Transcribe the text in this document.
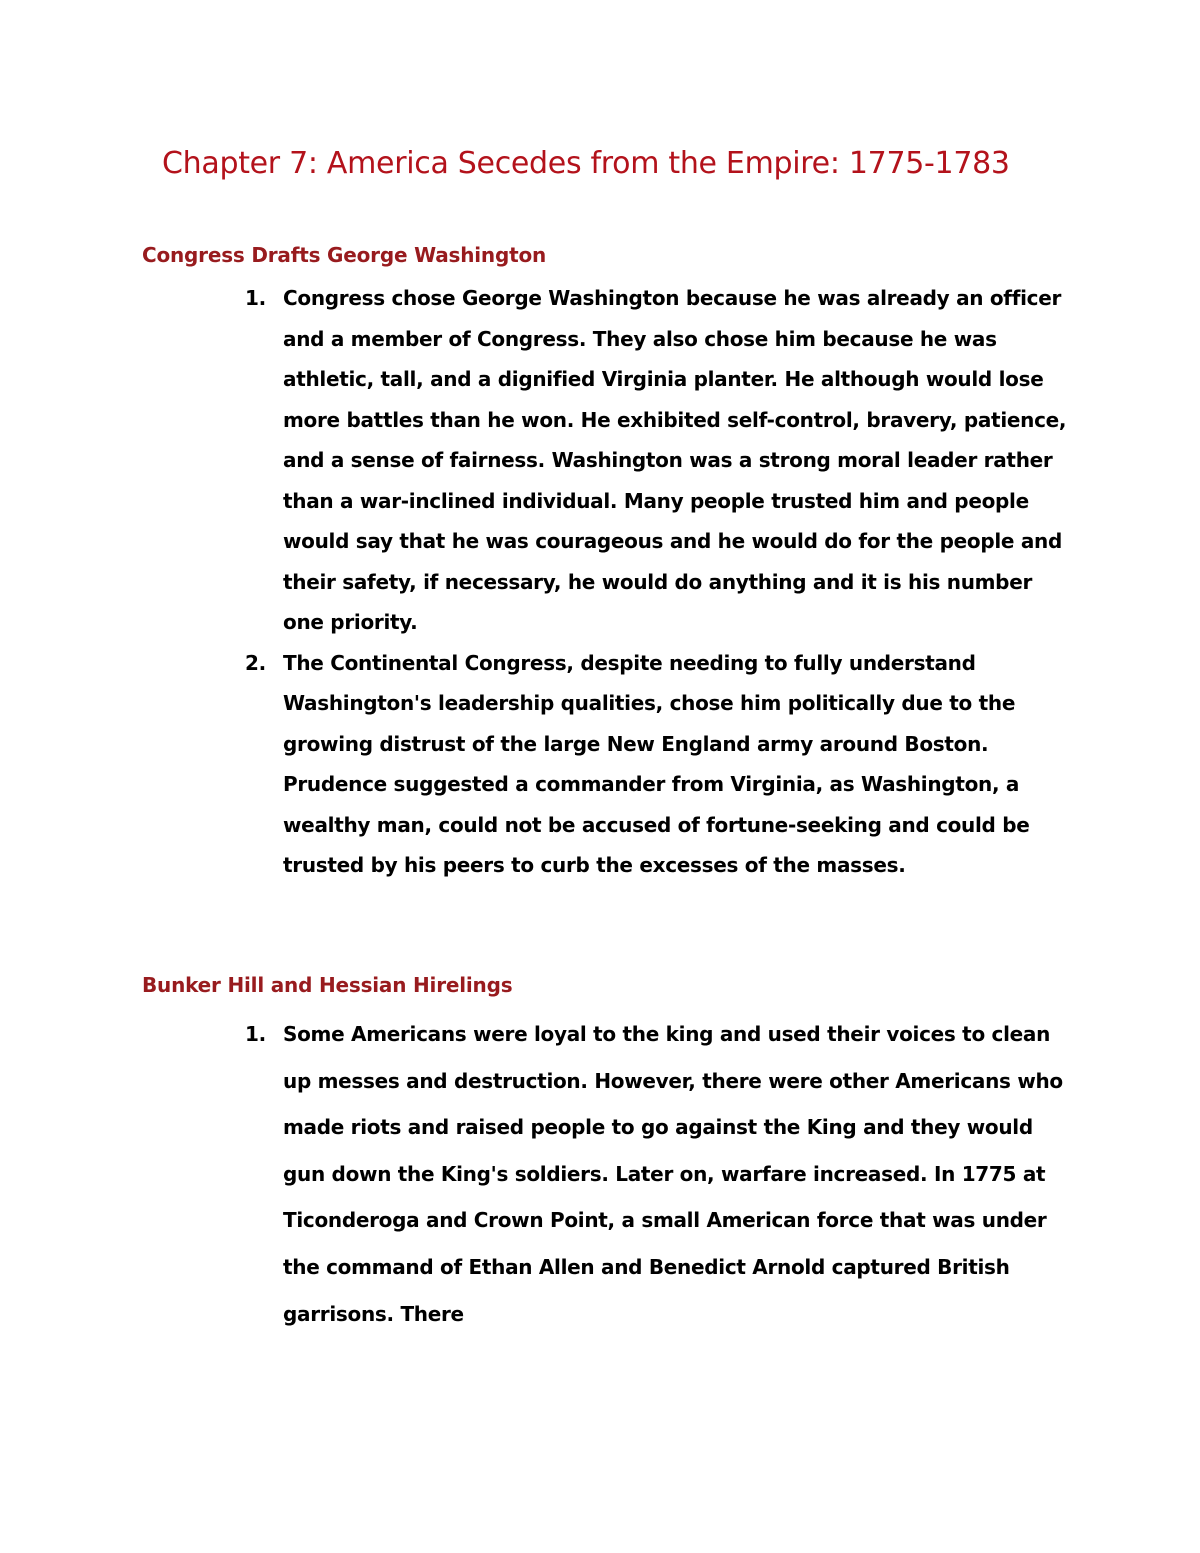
Chapter 7: America Secedes from the Empire: 1775-1783
Congress Drafts George Washington
1. Congress chose George Washington because he was already an officer and a member of Congress. They also chose him because he was athletic, tall, and a dignified Virginia planter. He although would lose more battles than he won. He exhibited self-control, bravery, patience, and a sense of fairness. Washington was a strong moral leader rather than a war-inclined individual. Many people trusted him and people would say that he was courageous and he would do for the people and their safety, if necessary, he would do anything and it is his number one priority.
2. The Continental Congress, despite needing to fully understand Washington's leadership qualities, chose him politically due to the growing distrust of the large New England army around Boston. Prudence suggested a commander from Virginia, as Washington, a wealthy man, could not be accused of fortune-seeking and could be trusted by his peers to curb the excesses of the masses.
Bunker Hill and Hessian Hirelings
1. Some Americans were loyal to the king and used their voices to clean up messes and destruction. However, there were other Americans who made riots and raised people to go against the King and they would gun down the King's soldiers. Later on, warfare increased. In 1775 at Ticonderoga and Crown Point, a small American force that was under the command of Ethan Allen and Benedict Arnold captured British garrisons. There
